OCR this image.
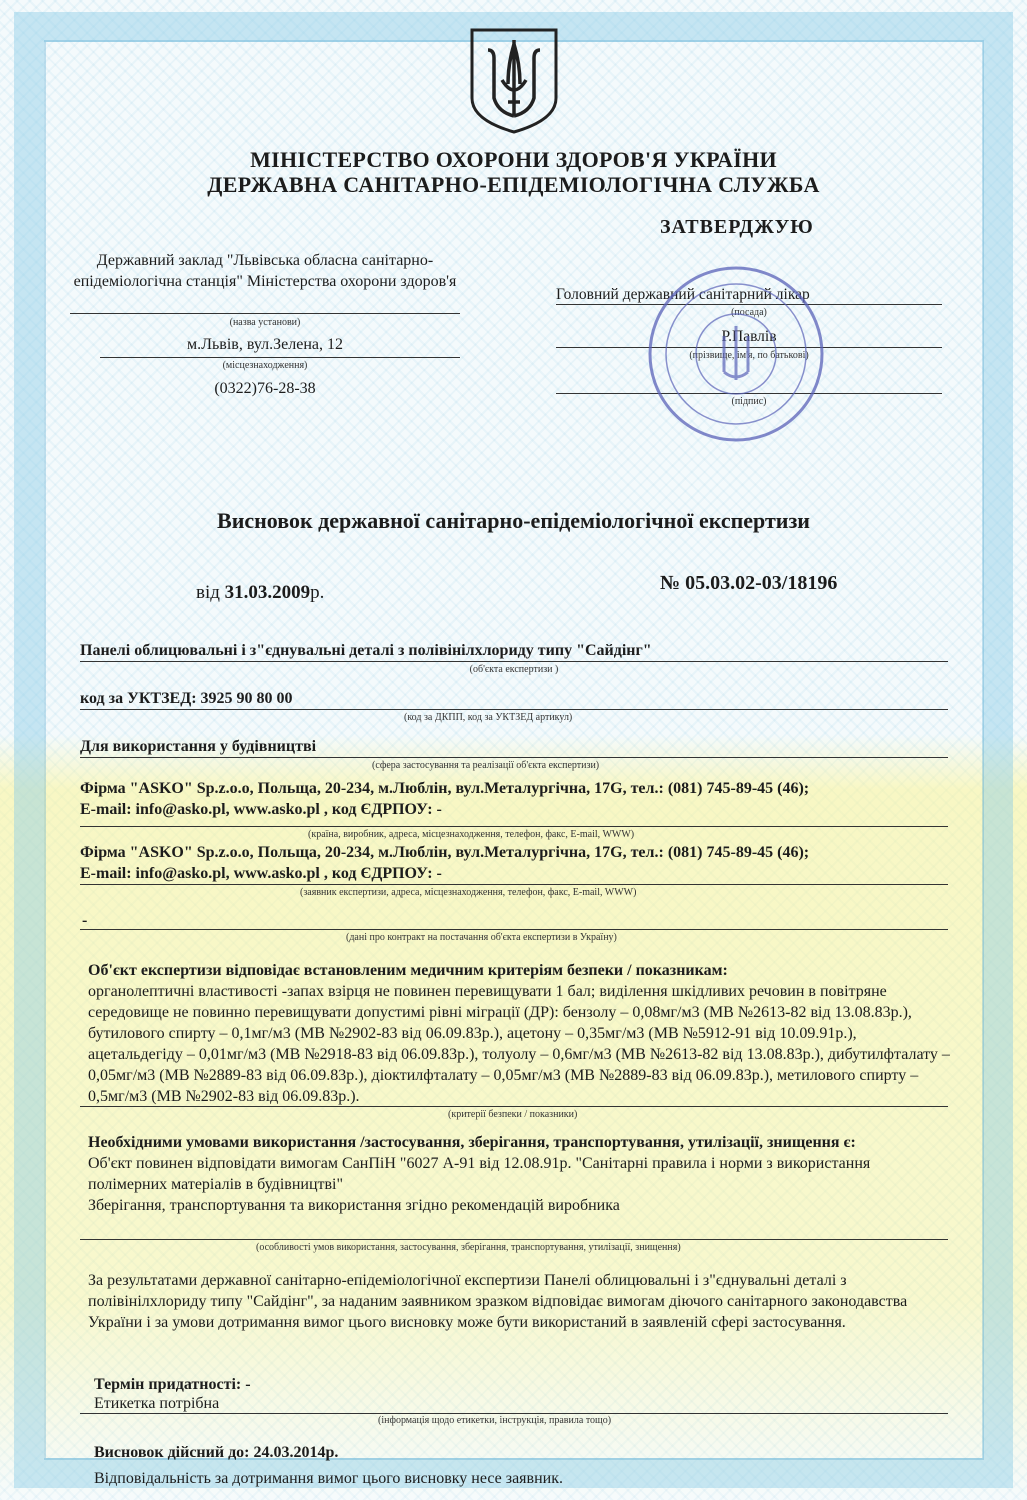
МІНІСТЕРСТВО ОХОРОНИ ЗДОРОВ'Я УКРАЇНИ
ДЕРЖАВНА САНІТАРНО-ЕПІДЕМІОЛОГІЧНА СЛУЖБА
ЗАТВЕРДЖУЮ
Державний заклад "Львівська обласна санітарно-епідеміологічна станція" Міністерства охорони здоров'я
(назва установи)
м.Львів, вул.Зелена, 12
(місцезнаходження)
(0322)76-28-38
Головний державний санітарний лікар
(посада)
Р.Павлів
(прізвище, ім'я, по батькові)
(підпис)
Висновок державної санітарно-епідеміологічної експертизи
від 31.03.2009р.	№ 05.03.02-03/18196
Панелі облицювальні і з"єднувальні деталі з полівінілхлориду типу "Сайдінг"
(об'єкта експертизи )
код за УКТЗЕД: 3925 90 80 00
(код за ДКПП, код за УКТЗЕД артикул)
Для використання у будівництві
(сфера застосування та реалізації об'єкта експертизи)
Фірма "ASKO" Sp.z.o.o, Польща, 20-234, м.Люблін, вул.Металургічна, 17G, тел.: (081) 745-89-45 (46);
E-mail: info@asko.pl, www.asko.pl , код ЄДРПОУ: -
(країна, виробник, адреса, місцезнаходження, телефон, факс, E-mail, WWW)
Фірма "ASKO" Sp.z.o.o, Польща, 20-234, м.Люблін, вул.Металургічна, 17G, тел.: (081) 745-89-45 (46);
E-mail: info@asko.pl, www.asko.pl , код ЄДРПОУ: -
(заявник експертизи, адреса, місцезнаходження, телефон, факс, E-mail, WWW)
-
(дані про контракт на постачання об'єкта експертизи в Україну)
Об'єкт експертизи відповідає встановленим медичним критеріям безпеки / показникам:
органолептичні властивості -запах взірця не повинен перевищувати 1 бал; виділення шкідливих речовин в повітряне середовище не повинно перевищувати допустимі рівні міграції (ДР): бензолу – 0,08мг/м3 (МВ №2613-82 від 13.08.83р.), бутилового спирту – 0,1мг/м3 (МВ №2902-83 від 06.09.83р.), ацетону – 0,35мг/м3 (МВ №5912-91 від 10.09.91р.), ацетальдегіду – 0,01мг/м3 (МВ №2918-83 від 06.09.83р.), толуолу – 0,6мг/м3 (МВ №2613-82 від 13.08.83р.), дибутилфталату – 0,05мг/м3 (МВ №2889-83 від 06.09.83р.), діоктилфталату – 0,05мг/м3 (МВ №2889-83 від 06.09.83р.), метилового спирту – 0,5мг/м3 (МВ №2902-83 від 06.09.83р.).
(критерії безпеки / показники)
Необхідними умовами використання /застосування, зберігання, транспортування, утилізації, знищення є:
Об'єкт повинен відповідати вимогам СанПіН "6027 А-91 від 12.08.91р. "Санітарні правила і норми з використання полімерних матеріалів в будівництві"
Зберігання, транспортування та використання згідно рекомендацій виробника
(особливості умов використання, застосування, зберігання, транспортування, утилізації, знищення)
За результатами державної санітарно-епідеміологічної експертизи Панелі облицювальні і з"єднувальні деталі з полівінілхлориду типу "Сайдінг", за наданим заявником зразком відповідає вимогам діючого санітарного законодавства України і за умови дотримання вимог цього висновку може бути використаний в заявленій сфері застосування.
Термін придатності: -
Етикетка потрібна
(інформація щодо етикетки, інструкція, правила тощо)
Висновок дійсний до: 24.03.2014р.
Відповідальність за дотримання вимог цього висновку несе заявник.
